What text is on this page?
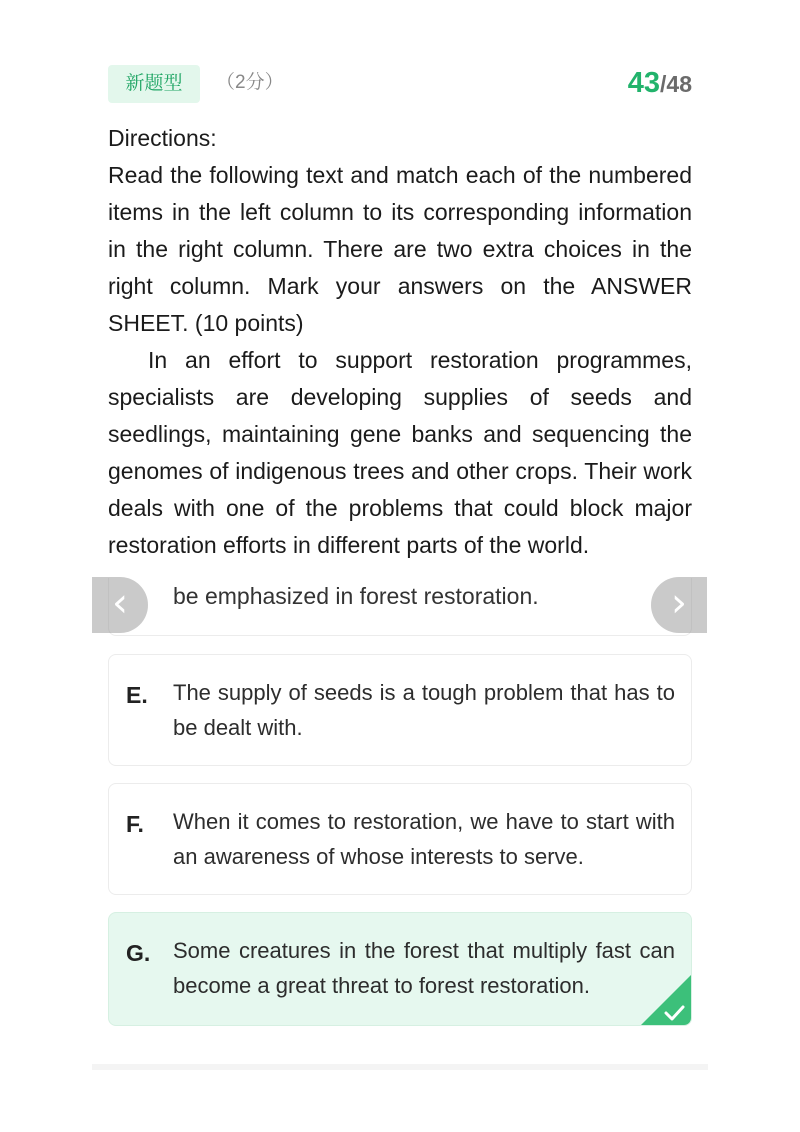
新题型	（2分）	43/48

Directions:

Read the following text and match each of the numbered items in the left column to its corresponding information in the right column. There are two extra choices in the right column. Mark your answers on the ANSWER SHEET. (10 points)

In an effort to support restoration programmes, specialists are developing supplies of seeds and seedlings, maintaining gene banks and sequencing the genomes of indigenous trees and other crops. Their work deals with one of the problems that could block major restoration efforts in different parts of the world.

be emphasized in forest restoration.
‹	›
E. The supply of seeds is a tough problem that has to be dealt with.
F. When it comes to restoration, we have to start with an awareness of whose interests to serve.
G. Some creatures in the forest that multiply fast can become a great threat to forest restoration.
